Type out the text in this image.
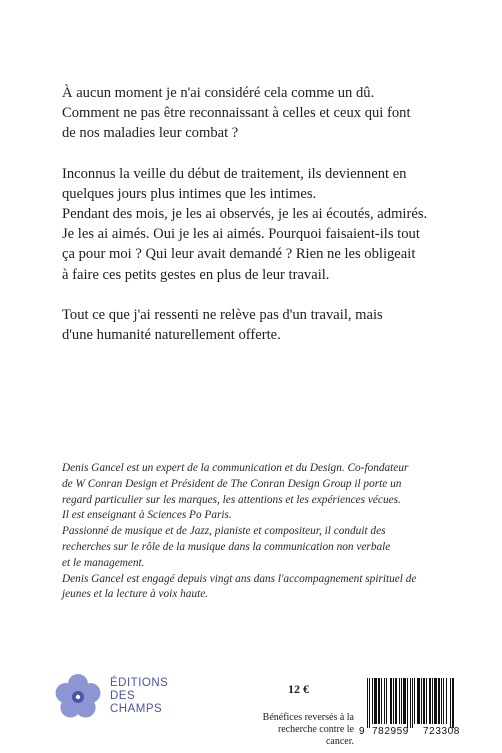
À aucun moment je n'ai considéré cela comme un dû.
Comment ne pas être reconnaissant à celles et ceux qui font
de nos maladies leur combat ?

Inconnus la veille du début de traitement, ils deviennent en
quelques jours plus intimes que les intimes.
Pendant des mois, je les ai observés, je les ai écoutés, admirés.
Je les ai aimés. Oui je les ai aimés. Pourquoi faisaient-ils tout
ça pour moi ? Qui leur avait demandé ? Rien ne les obligeait
à faire ces petits gestes en plus de leur travail.

Tout ce que j'ai ressenti ne relève pas d'un travail, mais
d'une humanité naturellement offerte.

Denis Gancel est un expert de la communication et du Design. Co-fondateur
de W Conran Design et Président de The Conran Design Group il porte un
regard particulier sur les marques, les attentions et les expériences vécues.
Il est enseignant à Sciences Po Paris.
Passionné de musique et de Jazz, pianiste et compositeur, il conduit des
recherches sur le rôle de la musique dans la communication non verbale
et le management.
Denis Gancel est engagé depuis vingt ans dans l'accompagnement spirituel de
jeunes et la lecture à voix haute.

ÉDITIONS
DES
CHAMPS
12 €
Bénéfices reversés à la
recherche contre le cancer.
9 782959 723308
